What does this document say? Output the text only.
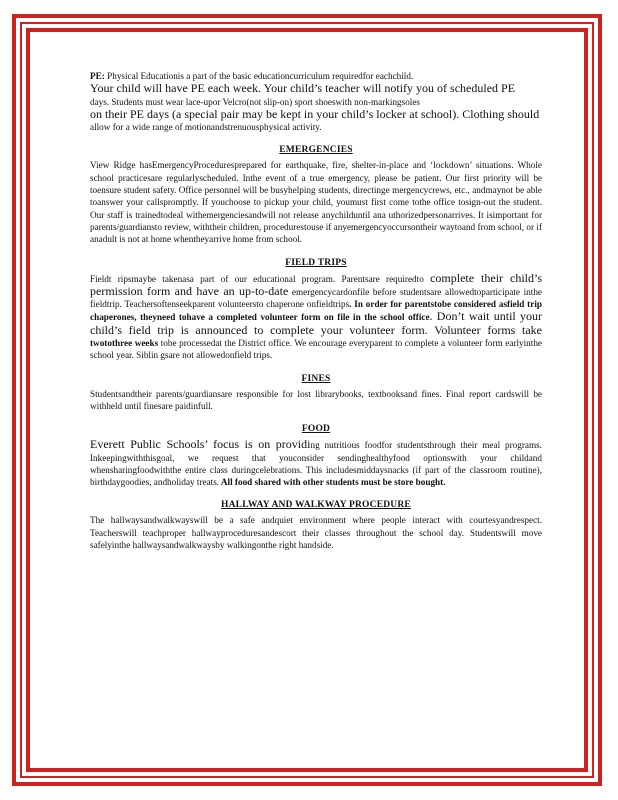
PE: Physical Educationis a part of the basic educationcurriculum requiredfor eachchild.
Your child will have PE each week. Your child’s teacher will notify you of scheduled PE
days. Students must wear lace-upor Velcro(not slip-on) sport shoeswith non-markingsoles
on their PE days (a special pair may be kept in your child’s locker at school). Clothing should
allow for a wide range of motionandstrenuousphysical activity.

EMERGENCIES

View Ridge hasEmergencyProceduresprepared for earthquake, fire, shelter-in-place and ‘lockdown’ situations. Whole school practicesare regularlyscheduled. Inthe event of a true emergency, please be patient. Our first priority will be toensure student safety. Office personnel will be busyhelping students, directinge mergencycrews, etc., andmaynot be able toanswer your callspromptly. If youchoose to pickup your child, youmust first come tothe office tosign-out the student. Our staff is trainedtodeal withemergenciesandwill not release anychilduntil ana uthorizedpersonarrives. It isimportant for parents/guardiansto review, withtheir children, procedurestouse if anyemergencyoccursontheir waytoand from school, or if anadult is not at home whentheyarrive home from school.

FIELD TRIPS

Fieldt ripsmaybe takenasa part of our educational program. Parentsare requiredto complete their child’s permission form and have an up-to-date emergencycardonfile before studentsare allowedtoparticipate inthe fieldtrip. Teachersoftenseekparent volunteersto chaperone onfieldtrips. In order for parentstobe considered asfield trip chaperones, theyneed tohave a completed volunteer form on file in the school office. Don’t wait until your child’s field trip is announced to complete your volunteer form. Volunteer forms take twotothree weeks tobe processedat the District office. We encourage everyparent to complete a volunteer form earlyinthe school year. Siblin gsare not allowedonfield trips.

FINES

Studentsandtheir parents/guardiansare responsible for lost librarybooks, textbooksand fines. Final report cardswill be withheld until finesare paidinfull.

FOOD

Everett Public Schools’ focus is on providing nutritious foodfor studentsthrough their meal programs. Inkeepingwiththisgoal, we request that youconsider sendinghealthyfood optionswith your childand whensharingfoodwiththe entire class duringcelebrations. This includesmiddaysnacks (if part of the classroom routine), birthdaygoodies, andholiday treats. All food shared with other students must be store bought.

HALLWAY AND WALKWAY PROCEDURE

The hallwaysandwalkwayswill be a safe andquiet environment where people interact with courtesyandrespect. Teacherswill teachproper hallwayproceduresandescort their classes throughout the school day. Studentswill move safelyinthe hallwaysandwalkwaysby walkingonthe right handside.
